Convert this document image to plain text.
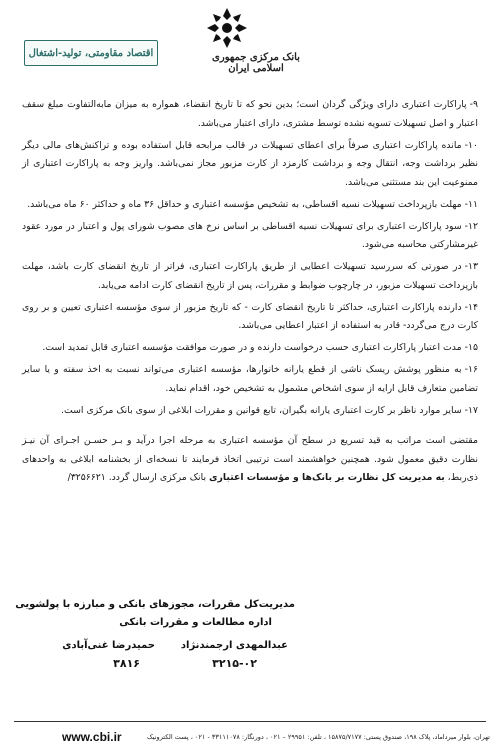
بانک مرکزی جمهوری اسلامی ایران
اقتصاد مقاومتی، تولید-اشتغال
۹-پاراکارت اعتباری دارای ویژگی گردان است؛ بدین نحو که تا تاریخ انقضاء، همواره به میزان مابه‌التفاوت مبلغ سقف اعتبار و اصل تسهیلات تسویه نشده توسط مشتری، دارای اعتبار می‌باشد.
۱۰-مانده پاراکارت اعتباری صرفاً برای اعطای تسهیلات در قالب مرابحه قابل استفاده بوده و تراکنش‌های مالی دیگر نظیر برداشت وجه، انتقال وجه و برداشت کارمزد از کارت مزبور مجاز نمی‌باشد. واریز وجه به پاراکارت اعتباری از ممنوعیت این بند مستثنی می‌باشد.
۱۱-مهلت بازپرداخت تسهیلات نسیه اقساطی، به تشخیص مؤسسه اعتباری و حداقل ۳۶ ماه و حداکثر ۶۰ ماه می‌باشد.
۱۲-سود پاراکارت اعتباری برای تسهیلات نسیه اقساطی بر اساس نرخ های مصوب شورای پول و اعتبار در مورد عقود غیرمشارکتی محاسبه می‌شود.
۱۳-در صورتی که سررسید تسهیلات اعطایی از طریق پاراکارت اعتباری، فراتر از تاریخ انقضای کارت باشد، مهلت بازپرداخت تسهیلات مزبور، در چارچوب ضوابط و مقررات، پس از تاریخ انقضای کارت ادامه می‌یابد.
۱۴-دارنده پاراکارت اعتباری، حداکثر تا تاریخ انقضای کارت - که تاریخ مزبور از سوی مؤسسه اعتباری تعیین و بر روی کارت درج می‌گردد- قادر به استفاده از اعتبار اعطایی می‌باشد.
۱۵-مدت اعتبار پاراکارت اعتباری حسب درخواست دارنده و در صورت موافقت مؤسسه اعتباری قابل تمدید است.
۱۶-به منظور پوشش ریسک ناشی از قطع یارانه خانوارها، مؤسسه اعتباری می‌تواند نسبت به اخذ سفته و یا سایر تضامین متعارف قابل ارایه از سوی اشخاص مشمول به تشخیص خود، اقدام نماید.
۱۷-سایر موارد ناظر بر کارت اعتباری یارانه بگیران، تابع قوانین و مقررات ابلاغی از سوی بانک مرکزی است.
مقتضی است مراتب به قید تسریع در سطح آن مؤسسه اعتباری به مرحله اجرا درآید و بـر حسـن اجـرای آن نیـز نظارت دقیق معمول شود. همچنین خواهشمند است ترتیبی اتخاذ فرمایند تا نسخه‌ای از بخشنامه ابلاغی به واحدهای ذی‌ربط، به مدیریت کل نظارت بر بانک‌ها و مؤسسات اعتباری بانک مرکزی ارسال گردد. ۳۲۵۶۶۲۱/
مدیریت‌کل مقررات، مجوزهای بانکی و مبارزه با پولشویی
اداره مطالعات و مقررات بانکی
عبدالمهدی ارجمندنژاد
حمیدرضا غنی‌آبادی
۳۲۱۵-۰۲
۳۸۱۶
www.cbi.ir	تهران، بلوار میرداماد، پلاک ۱۹۸، صندوق پستی: ۱۵۸۷۵/۷۱۷۷ ، تلفن: ۲۹۹۵۱ – ۰۲۱ ، دورنگار: ۳۳۱۱۱۰۷۸ - ۰۲۱ ، پست الکترونیک
